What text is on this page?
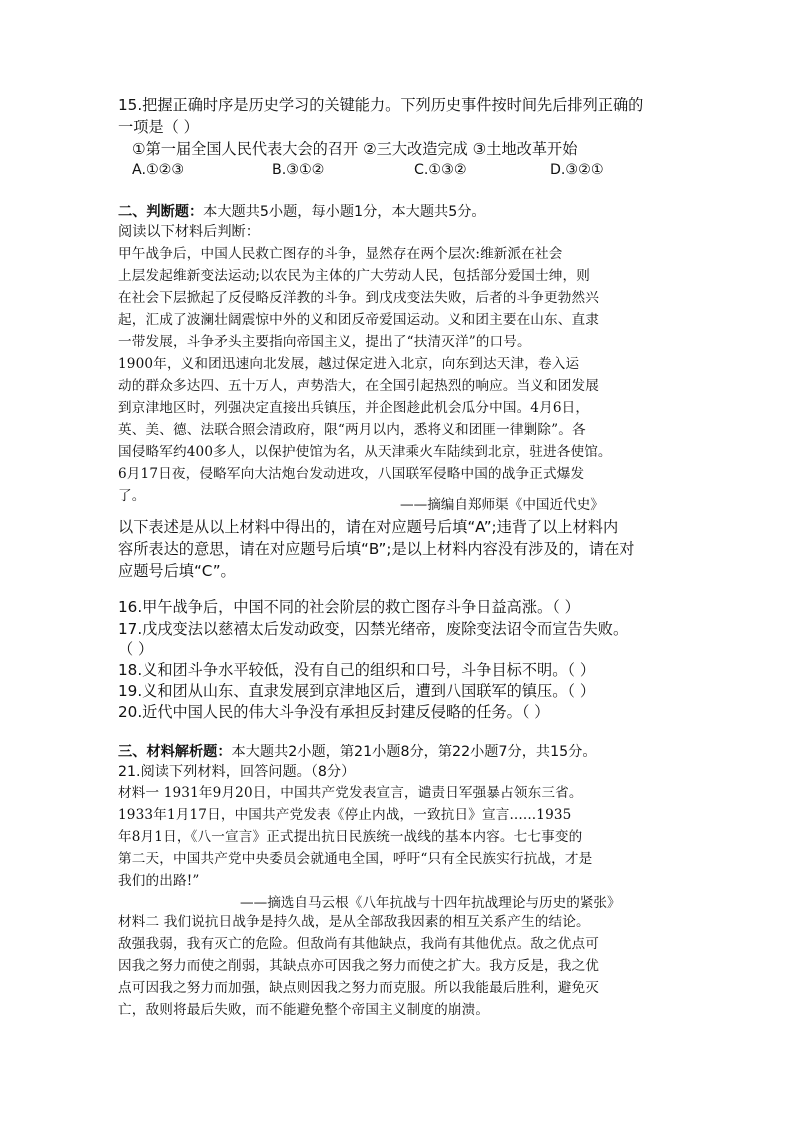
15.把握正确时序是历史学习的关键能力。下列历史事件按时间先后排列正确的
一项是（ ）
①第一届全国人民代表大会的召开 ②三大改造完成 ③土地改革开始
A.①②③	B.③①②	C.①③②	D.③②①
二、判断题：本大题共5小题，每小题1分，本大题共5分。
阅读以下材料后判断：
甲午战争后，中国人民救亡图存的斗争，显然存在两个层次:维新派在社会
上层发起维新变法运动;以农民为主体的广大劳动人民，包括部分爱国士绅，则
在社会下层掀起了反侵略反洋教的斗争。到戊戌变法失败，后者的斗争更勃然兴
起，汇成了波澜壮阔震惊中外的义和团反帝爱国运动。义和团主要在山东、直隶
一带发展，斗争矛头主要指向帝国主义，提出了“扶清灭洋”的口号。
1900年，义和团迅速向北发展，越过保定进入北京，向东到达天津，卷入运
动的群众多达四、五十万人，声势浩大，在全国引起热烈的响应。当义和团发展
到京津地区时，列强决定直接出兵镇压，并企图趁此机会瓜分中国。4月6日，
英、美、德、法联合照会清政府，限“两月以内，悉将义和团匪一律剿除”。各
国侵略军约400多人，以保护使馆为名，从天津乘火车陆续到北京，驻进各使馆。
6月17日夜，侵略军向大沽炮台发动进攻，八国联军侵略中国的战争正式爆发
了。
——摘编自郑师渠《中国近代史》
以下表述是从以上材料中得出的，请在对应题号后填“A”;违背了以上材料内
容所表达的意思，请在对应题号后填“B”;是以上材料内容没有涉及的，请在对
应题号后填“C”。
16.甲午战争后，中国不同的社会阶层的救亡图存斗争日益高涨。（ ）
17.戊戌变法以慈禧太后发动政变，囚禁光绪帝，废除变法诏令而宣告失败。
（ ）
18.义和团斗争水平较低，没有自己的组织和口号，斗争目标不明。（ ）
19.义和团从山东、直隶发展到京津地区后，遭到八国联军的镇压。（ ）
20.近代中国人民的伟大斗争没有承担反封建反侵略的任务。（ ）
三、材料解析题：本大题共2小题，第21小题8分，第22小题7分，共15分。
21.阅读下列材料，回答问题。（8分）
材料一 1931年9月20日，中国共产党发表宣言，谴责日军强暴占领东三省。
1933年1月17日，中国共产党发表《停止内战，一致抗日》宣言......1935
年8月1日，《八一宣言》正式提出抗日民族统一战线的基本内容。七七事变的
第二天，中国共产党中央委员会就通电全国，呼吁“只有全民族实行抗战，才是
我们的出路!”
——摘选自马云根《八年抗战与十四年抗战理论与历史的紧张》
材料二 我们说抗日战争是持久战，是从全部敌我因素的相互关系产生的结论。
敌强我弱，我有灭亡的危险。但敌尚有其他缺点，我尚有其他优点。敌之优点可
因我之努力而使之削弱，其缺点亦可因我之努力而使之扩大。我方反是，我之优
点可因我之努力而加强，缺点则因我之努力而克服。所以我能最后胜利，避免灭
亡，敌则将最后失败，而不能避免整个帝国主义制度的崩溃。
